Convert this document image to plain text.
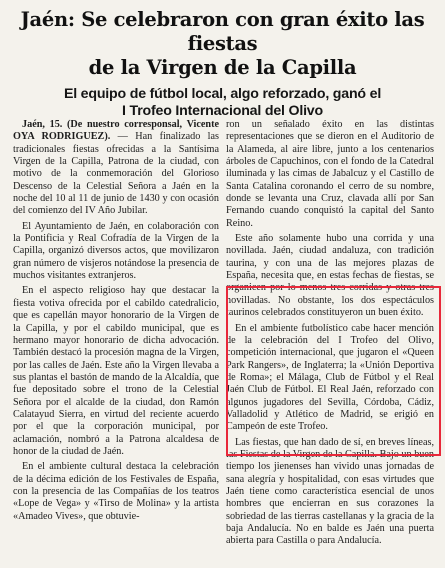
Jaén: Se celebraron con gran éxito las fiestas
de la Virgen de la Capilla
El equipo de fútbol local, algo reforzado, ganó el
I Trofeo Internacional del Olivo

Jaén, 15. (De nuestro corresponsal, Vicente OYA RODRIGUEZ). — Han finalizado las tradicionales fiestas ofrecidas a la Santísima Virgen de la Capilla, Patrona de la ciudad, con motivo de la conmemoración del Glorioso Descenso de la Celestial Señora a Jaén en la noche del 10 al 11 de junio de 1430 y con ocasión del comienzo del IV Año Jubilar.

El Ayuntamiento de Jaén, en colaboración con la Pontificia y Real Cofradía de la Virgen de la Capilla, organizó diversos actos, que movilizaron gran número de visjeros notándose la presencia de muchos visitantes extranjeros.

En el aspecto religioso hay que destacar la fiesta votiva ofrecida por el cabildo catedralicio, que es capellán mayor honorario de la Virgen de la Capilla, y por el cabildo municipal, que es hermano mayor honorario de dicha advocación. También destacó la procesión magna de la Virgen, por las calles de Jaén. Este año la Virgen llevaba a sus plantas el bastón de mando de la Alcaldía, que fue depositado sobre el trono de la Celestial Señora por el alcalde de la ciudad, don Ramón Calatayud Sierra, en virtud del reciente acuerdo por el que la corporación municipal, por aclamación, nombró a la Patrona alcaldesa de honor de la ciudad de Jaén.

En el ambiente cultural destaca la celebración de la décima edición de los Festivales de España, con la presencia de las Compañías de los teatros «Lope de Vega» y «Tirso de Molina» y la artista «Amadeo Vives», que obtuvie-

ron un señalado éxito en las distintas representaciones que se dieron en el Auditorio de la Alameda, al aire libre, junto a los centenarios árboles de Capuchinos, con el fondo de la Catedral iluminada y las cimas de Jabalcuz y el Castillo de Santa Catalina coronando el cerro de su nombre, donde se levanta una Cruz, clavada allí por San Fernando cuando conquistó la capital del Santo Reino.

Este año solamente hubo una corrida y una novillada. Jaén, ciudad andaluza, con tradición taurina, y con una de las mejores plazas de España, necesita que, en estas fechas de fiestas, se organicen por lo menos tres corridas y otras tres novilladas. No obstante, los dos espectáculos taurinos celebrados constituyeron un buen éxito.

En el ambiente futbolístico cabe hacer mención de la celebración del I Trofeo del Olivo, competición internacional, que jugaron el «Queen Park Rangers», de Inglaterra; la «Unión Deportiva de Roma»; el Málaga, Club de Fútbol y el Real Jaén Club de Fútbol. El Real Jaén, reforzado con algunos jugadores del Sevilla, Córdoba, Cádiz, Valladolid y Atlético de Madrid, se erigió en Campeón de este Trofeo.

Las fiestas, que han dado de sí, en breves líneas, las Fiestas de la Virgen de la Capilla. Bajo un buen tiempo los jienenses han vivido unas jornadas de sana alegría y hospitalidad, con esas virtudes que Jaén tiene como característica esencial de unos hombres que encierran en sus corazones la sobriedad de las tierras castellanas y la gracia de la baja Andalucía. No en balde es Jaén una puerta abierta para Castilla o para Andalucía.
